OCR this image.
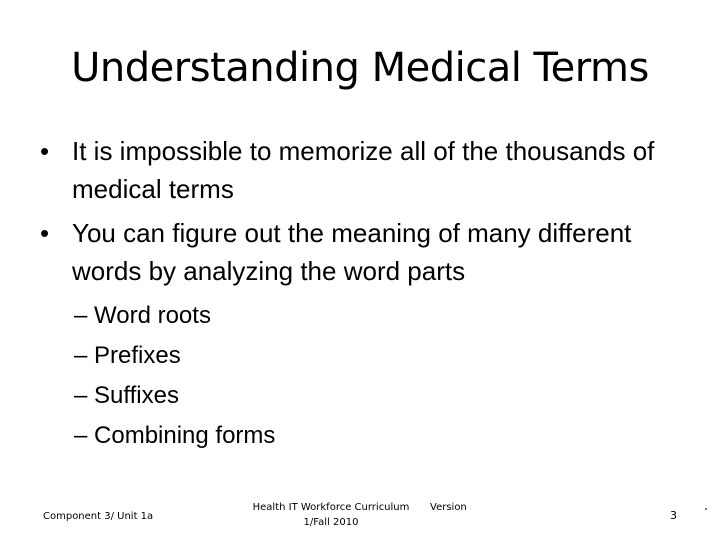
Understanding Medical Terms
• It is impossible to memorize all of the thousands of medical terms
• You can figure out the meaning of many different words by analyzing the word parts
– Word roots
– Prefixes
– Suffixes
– Combining forms
Component 3/ Unit 1a
Health IT Workforce Curriculum 1/Fall 2010
Version
3
